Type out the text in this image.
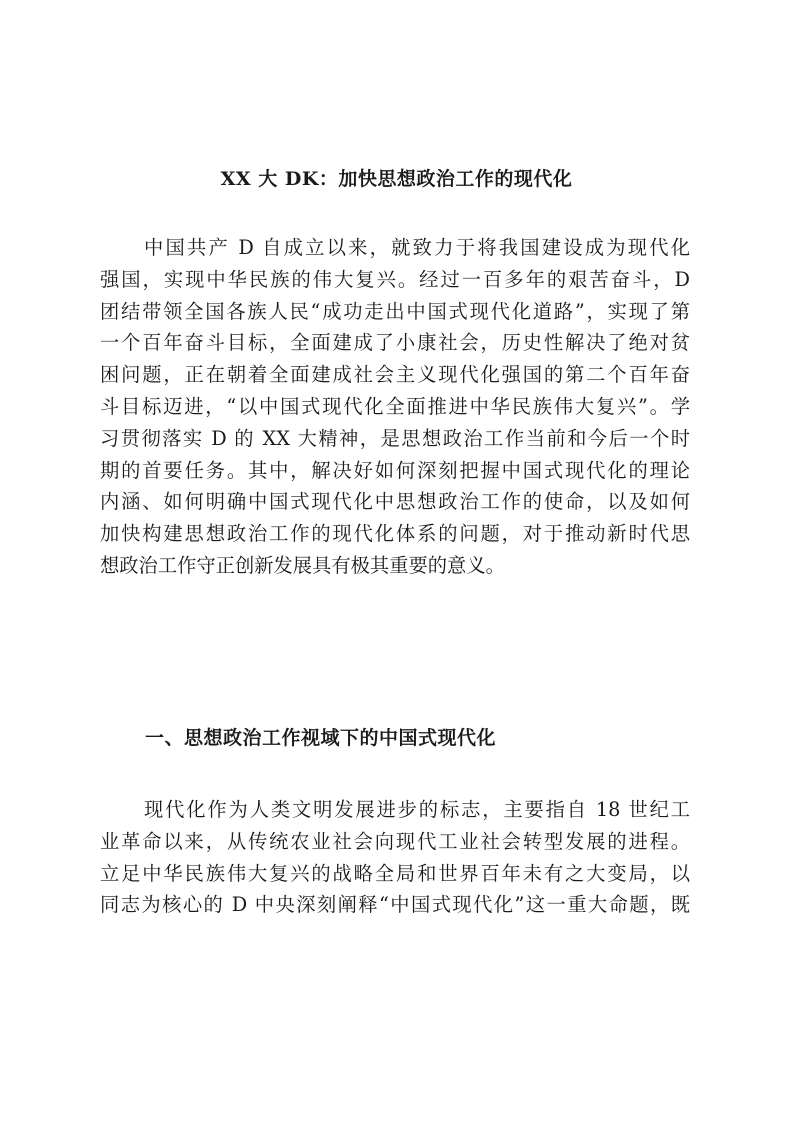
XX 大 DK：加快思想政治工作的现代化
中国共产 D 自成立以来，就致力于将我国建设成为现代化
强国，实现中华民族的伟大复兴。经过一百多年的艰苦奋斗，D
团结带领全国各族人民“成功走出中国式现代化道路”，实现了第
一个百年奋斗目标，全面建成了小康社会，历史性解决了绝对贫
困问题，正在朝着全面建成社会主义现代化强国的第二个百年奋
斗目标迈进，“以中国式现代化全面推进中华民族伟大复兴”。学
习贯彻落实 D 的 XX 大精神，是思想政治工作当前和今后一个时
期的首要任务。其中，解决好如何深刻把握中国式现代化的理论
内涵、如何明确中国式现代化中思想政治工作的使命，以及如何
加快构建思想政治工作的现代化体系的问题，对于推动新时代思
想政治工作守正创新发展具有极其重要的意义。
一、思想政治工作视域下的中国式现代化
现代化作为人类文明发展进步的标志，主要指自 18 世纪工
业革命以来，从传统农业社会向现代工业社会转型发展的进程。
立足中华民族伟大复兴的战略全局和世界百年未有之大变局，以
同志为核心的 D 中央深刻阐释“中国式现代化”这一重大命题，既
